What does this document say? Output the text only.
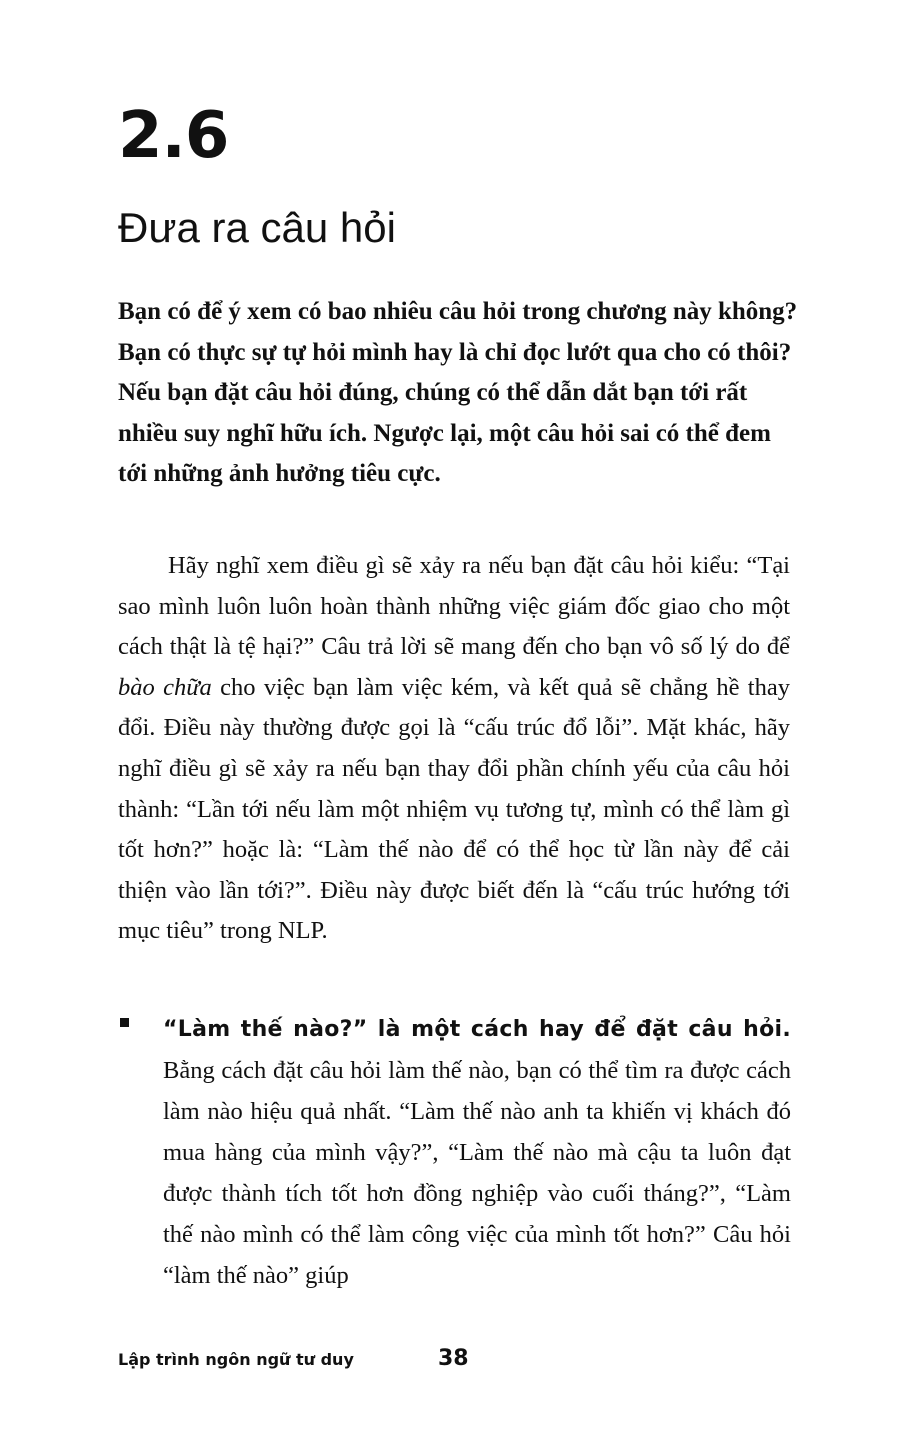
2.6
Đưa ra câu hỏi

Bạn có để ý xem có bao nhiêu câu hỏi trong chương này không? Bạn có thực sự tự hỏi mình hay là chỉ đọc lướt qua cho có thôi? Nếu bạn đặt câu hỏi đúng, chúng có thể dẫn dắt bạn tới rất nhiều suy nghĩ hữu ích. Ngược lại, một câu hỏi sai có thể đem tới những ảnh hưởng tiêu cực.

Hãy nghĩ xem điều gì sẽ xảy ra nếu bạn đặt câu hỏi kiểu: “Tại sao mình luôn luôn hoàn thành những việc giám đốc giao cho một cách thật là tệ hại?” Câu trả lời sẽ mang đến cho bạn vô số lý do để bào chữa cho việc bạn làm việc kém, và kết quả sẽ chẳng hề thay đổi. Điều này thường được gọi là “cấu trúc đổ lỗi”. Mặt khác, hãy nghĩ điều gì sẽ xảy ra nếu bạn thay đổi phần chính yếu của câu hỏi thành: “Lần tới nếu làm một nhiệm vụ tương tự, mình có thể làm gì tốt hơn?” hoặc là: “Làm thế nào để có thể học từ lần này để cải thiện vào lần tới?”. Điều này được biết đến là “cấu trúc hướng tới mục tiêu” trong NLP.

“Làm thế nào?” là một cách hay để đặt câu hỏi. Bằng cách đặt câu hỏi làm thế nào, bạn có thể tìm ra được cách làm nào hiệu quả nhất. “Làm thế nào anh ta khiến vị khách đó mua hàng của mình vậy?”, “Làm thế nào mà cậu ta luôn đạt được thành tích tốt hơn đồng nghiệp vào cuối tháng?”, “Làm thế nào mình có thể làm công việc của mình tốt hơn?” Câu hỏi “làm thế nào” giúp

Lập trình ngôn ngữ tư duy	38
